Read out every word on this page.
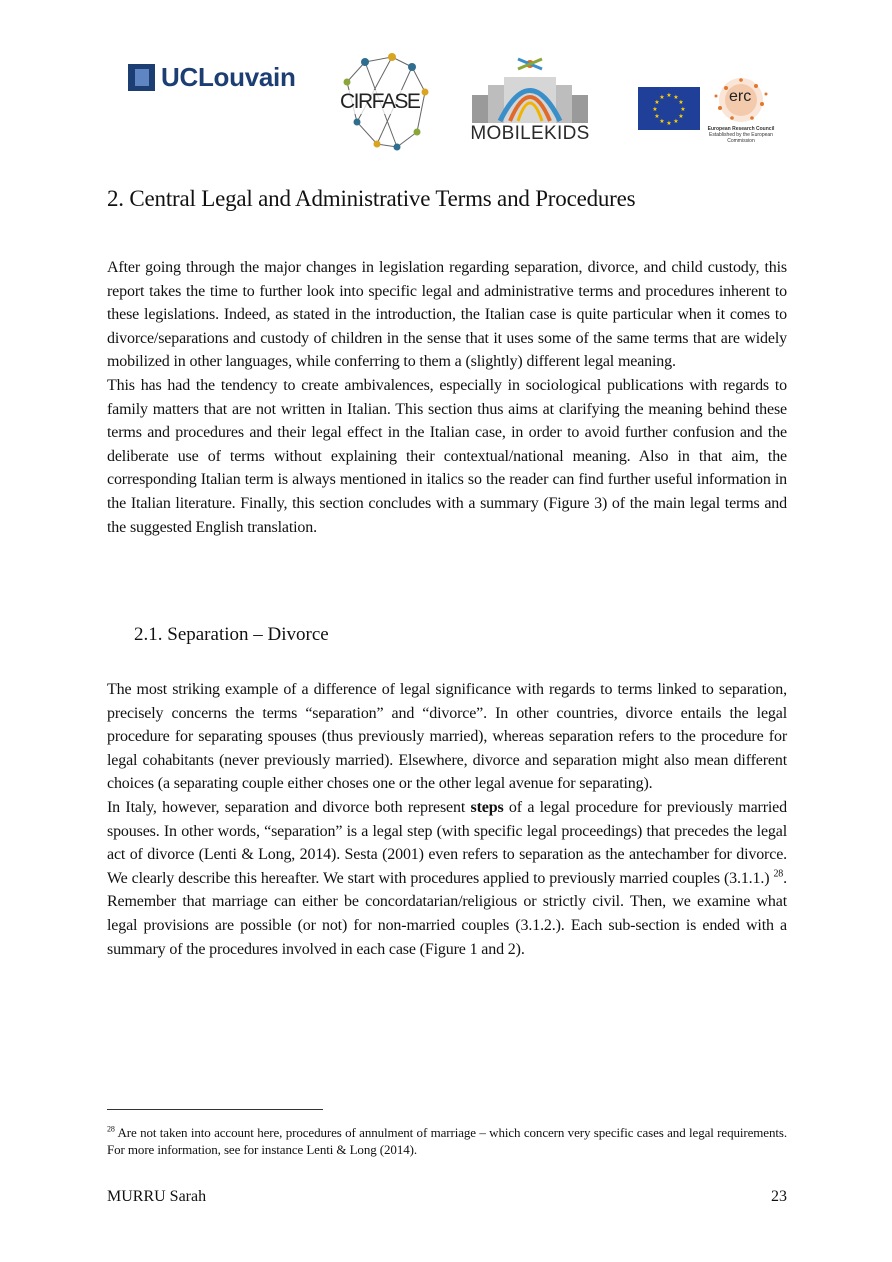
UCLouvain
CIRFASE
MOBILEKIDS
★ ★
★
★
★
★
★
★
★
★
★
★	erc
European Research Council
Established by the European Commission
2. Central Legal and Administrative Terms and Procedures

After going through the major changes in legislation regarding separation, divorce, and child custody, this report takes the time to further look into specific legal and administrative terms and procedures inherent to these legislations. Indeed, as stated in the introduction, the Italian case is quite particular when it comes to divorce/separations and custody of children in the sense that it uses some of the same terms that are widely mobilized in other languages, while conferring to them a (slightly) different legal meaning.
This has had the tendency to create ambivalences, especially in sociological publications with regards to family matters that are not written in Italian. This section thus aims at clarifying the meaning behind these terms and procedures and their legal effect in the Italian case, in order to avoid further confusion and the deliberate use of terms without explaining their contextual/national meaning. Also in that aim, the corresponding Italian term is always mentioned in italics so the reader can find further useful information in the Italian literature. Finally, this section concludes with a summary (Figure 3) of the main legal terms and the suggested English translation.

2.1. Separation – Divorce

The most striking example of a difference of legal significance with regards to terms linked to separation, precisely concerns the terms “separation” and “divorce”. In other countries, divorce entails the legal procedure for separating spouses (thus previously married), whereas separation refers to the procedure for legal cohabitants (never previously married). Elsewhere, divorce and separation might also mean different choices (a separating couple either choses one or the other legal avenue for separating).
In Italy, however, separation and divorce both represent steps of a legal procedure for previously married spouses. In other words, “separation” is a legal step (with specific legal proceedings) that precedes the legal act of divorce (Lenti & Long, 2014). Sesta (2001) even refers to separation as the antechamber for divorce. We clearly describe this hereafter. We start with procedures applied to previously married couples (3.1.1.) $^{28}$. Remember that marriage can either be concordatarian/religious or strictly civil. Then, we examine what legal provisions are possible (or not) for non-married couples (3.1.2.). Each sub-section is ended with a summary of the procedures involved in each case (Figure 1 and 2).

$^{28}$ Are not taken into account here, procedures of annulment of marriage – which concern very specific cases and legal requirements. For more information, see for instance Lenti & Long (2014).
MURRU Sarah	23
